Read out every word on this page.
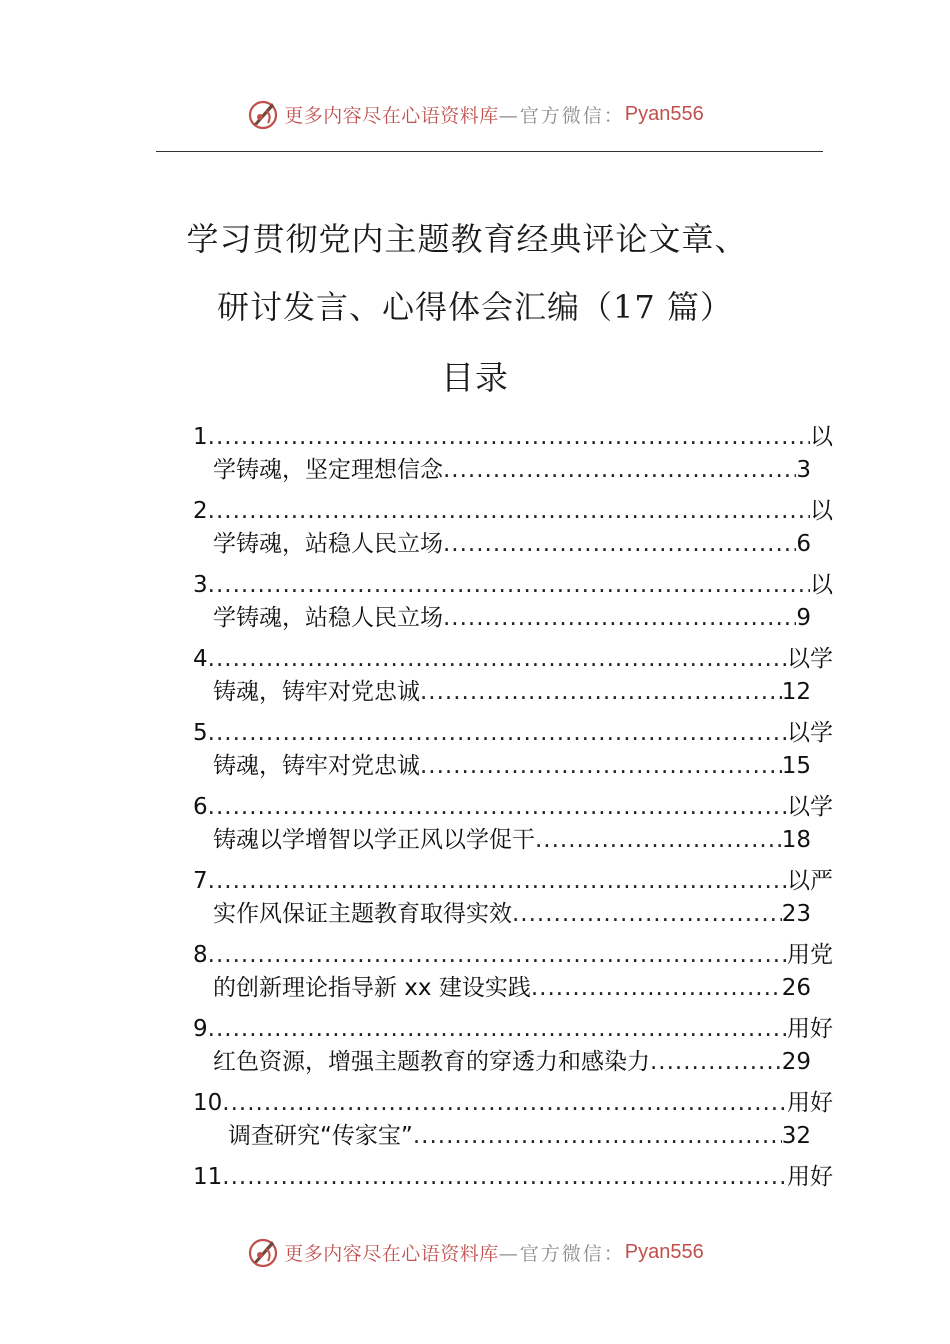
更多内容尽在心语资料库 —官方微信： Pyan556
学习贯彻党内主题教育经典评论文章、
研讨发言、心得体会汇编（17 篇）
目录
1 .....	以
学铸魂，坚定理想信念 .....	3
2 .....	以
学铸魂，站稳人民立场 .....	6
3 .....	以
学铸魂，站稳人民立场 .....	9
4 .....	以学
铸魂，铸牢对党忠诚 .....	12
5 .....	以学
铸魂，铸牢对党忠诚 .....	15
6 .....	以学
铸魂以学增智以学正风以学促干 .....	18
7 .....	以严
实作风保证主题教育取得实效 .....	23
8 .....	用党
的创新理论指导新 xx 建设实践 .....	26
9 .....	用好
红色资源，增强主题教育的穿透力和感染力 .....	29
10 .....	用好
调查研究“传家宝” .....	32
11 .....	用好
更多内容尽在心语资料库 —官方微信： Pyan556
